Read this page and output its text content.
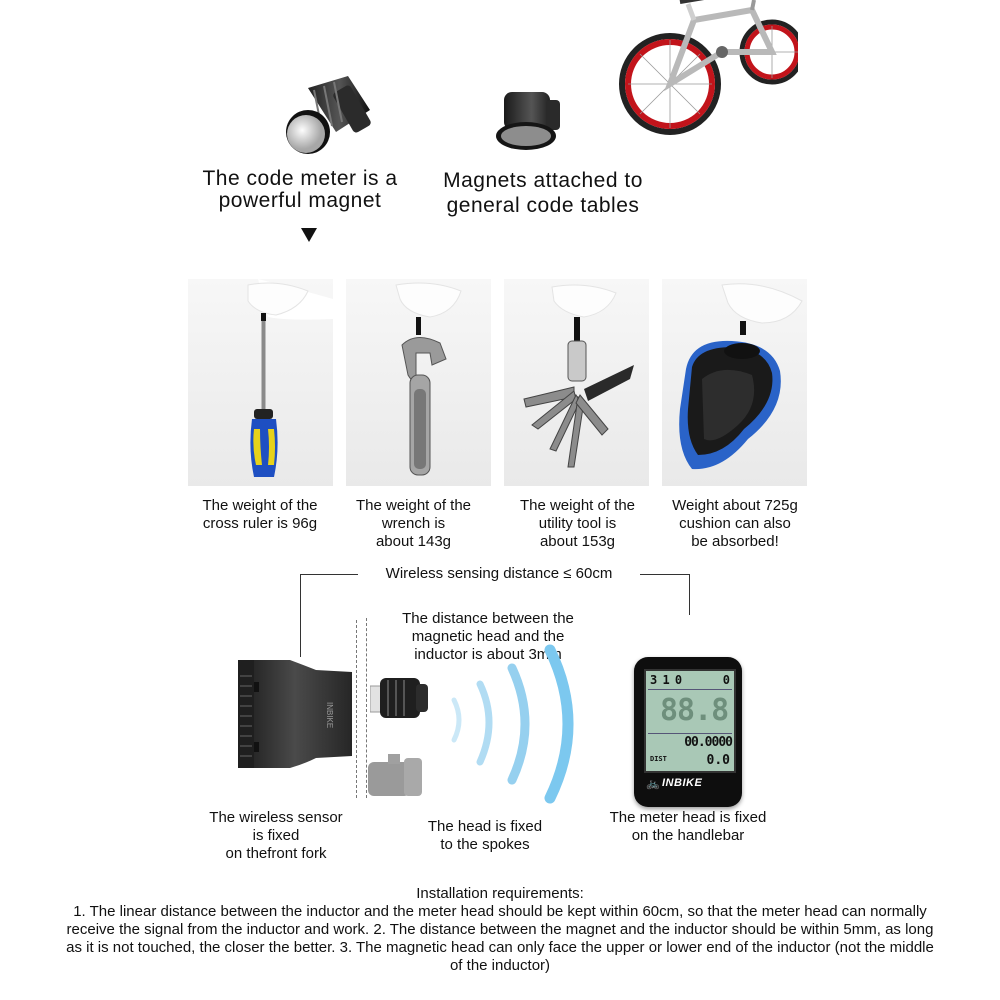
The code meter is a
powerful magnet
Magnets attached to
general code tables
The weight of the
cross ruler is 96g
The weight of the
wrench is
about 143g
The weight of the
utility tool is
about 153g
Weight about 725g
cushion can also
be absorbed!
Wireless sensing distance ≤ 60cm
The distance between the
magnetic head and the
inductor is about 3mm
INBIKE
3 1 0	0
88.8
00.0000
DIST	0.0
INBIKE
🚲
The wireless sensor
is fixed
on thefront fork
The head is fixed
to the spokes
The meter head is fixed
on the handlebar
Installation requirements:
1. The linear distance between the inductor and the meter head should be kept within 60cm, so that the meter head can normally receive the signal from the inductor and work. 2. The distance between the magnet and the inductor should be within 5mm, as long as it is not touched, the closer the better. 3. The magnetic head can only face the upper or lower end of the inductor (not the middle of the inductor)
